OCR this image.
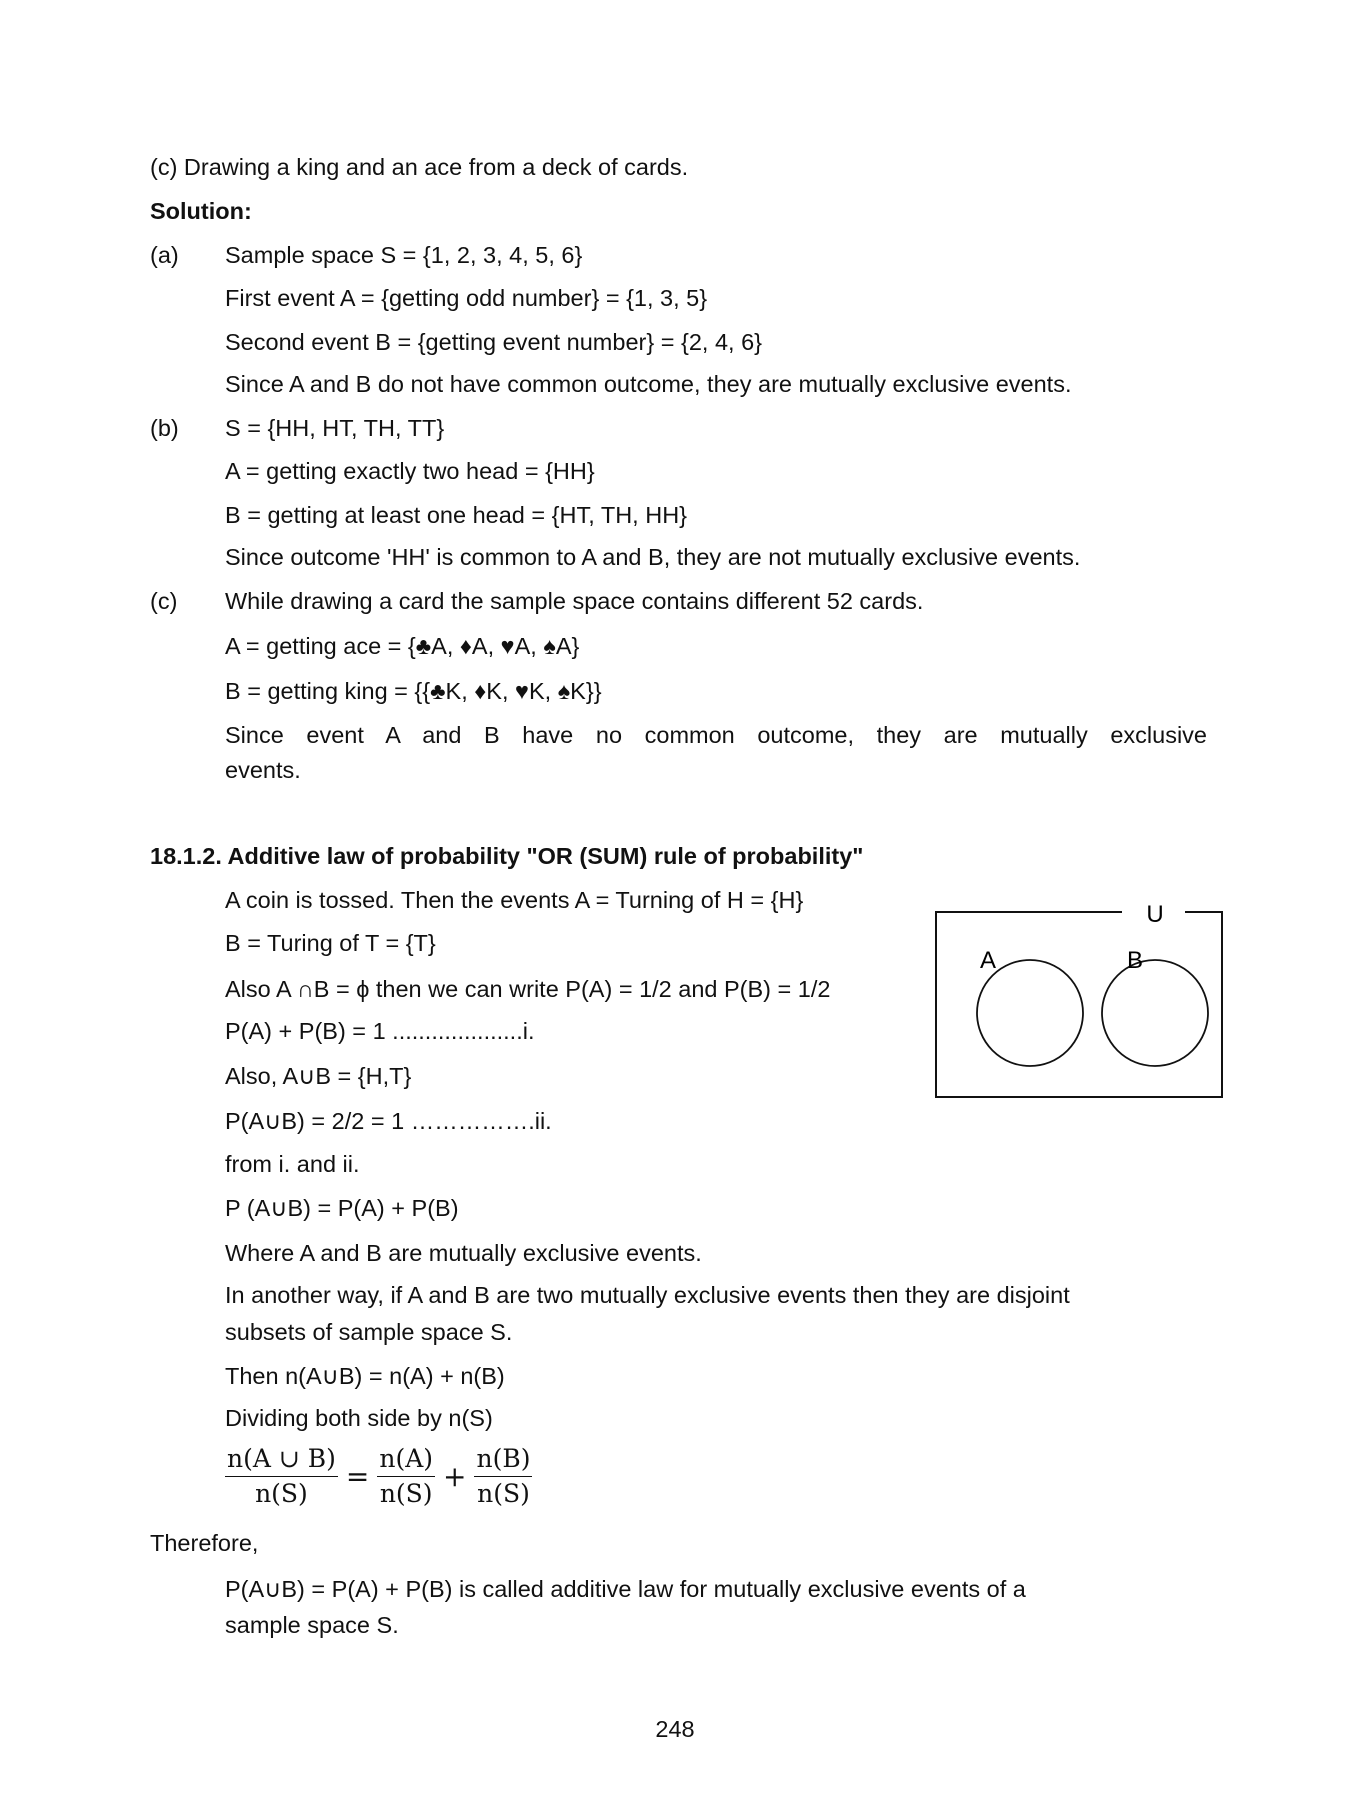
(c) Drawing a king and an ace from a deck of cards.
Solution:
(a) Sample space S = {1, 2, 3, 4, 5, 6}
First event A = {getting odd number} = {1, 3, 5}
Second event B = {getting event number} = {2, 4, 6}
Since A and B do not have common outcome, they are mutually exclusive events.
(b) S = {HH, HT, TH, TT}
A = getting exactly two head = {HH}
B = getting at least one head = {HT, TH, HH}
Since outcome 'HH' is common to A and B, they are not mutually exclusive events.
(c) While drawing a card the sample space contains different 52 cards.
A = getting ace = {♣A, ♦A, ♥A, ♠A}
B = getting king = {{♣K, ♦K, ♥K, ♠K}}
Since event A and B have no common outcome, they are mutually exclusive
events.
18.1.2. Additive law of probability "OR (SUM) rule of probability"
A coin is tossed. Then the events A = Turning of H = {H}
B = Turing of T = {T}
Also A ∩B = ϕ then we can write P(A) = 1/2 and P(B) = 1/2
P(A) + P(B) = 1 ....................i.
Also, A∪B = {H,T}
P(A∪B) = 2/2 = 1 …………….ii.
from i. and ii.
P (A∪B) = P(A) + P(B)
Where A and B are mutually exclusive events.
In another way, if A and B are two mutually exclusive events then they are disjoint
subsets of sample space S.
Then n(A∪B) = n(A) + n(B)
Dividing both side by n(S)
$\frac{n(A \cup B)}{n(S)} = \frac{n(A)}{n(S)} + \frac{n(B)}{n(S)}$
Therefore,
P(A∪B) = P(A) + P(B) is called additive law for mutually exclusive events of a
sample space S.
U
A	B
248
